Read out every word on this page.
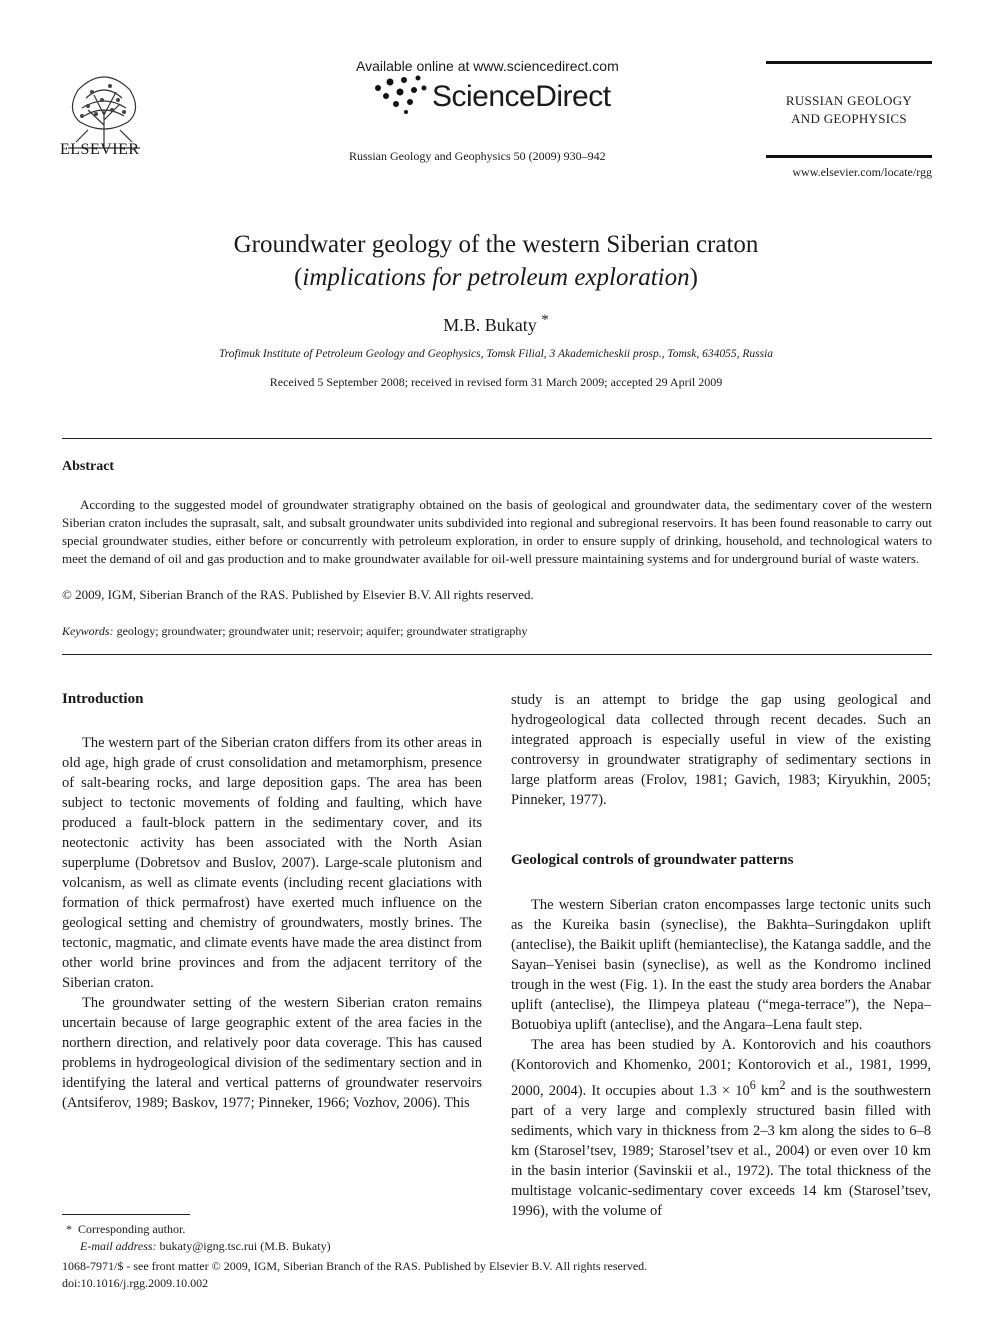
ELSEVIER
Available online at www.sciencedirect.com
ScienceDirect
Russian Geology and Geophysics 50 (2009) 930–942
RUSSIAN GEOLOGY
AND GEOPHYSICS
www.elsevier.com/locate/rgg
Groundwater geology of the western Siberian craton
(implications for petroleum exploration)
M.B. Bukaty *
Trofimuk Institute of Petroleum Geology and Geophysics, Tomsk Filial, 3 Akademicheskii prosp., Tomsk, 634055, Russia
Received 5 September 2008; received in revised form 31 March 2009; accepted 29 April 2009
Abstract
According to the suggested model of groundwater stratigraphy obtained on the basis of geological and groundwater data, the sedimentary cover of the western Siberian craton includes the suprasalt, salt, and subsalt groundwater units subdivided into regional and subregional reservoirs. It has been found reasonable to carry out special groundwater studies, either before or concurrently with petroleum exploration, in order to ensure supply of drinking, household, and technological waters to meet the demand of oil and gas production and to make groundwater available for oil-well pressure maintaining systems and for underground burial of waste waters.
© 2009, IGM, Siberian Branch of the RAS. Published by Elsevier B.V. All rights reserved.
Keywords: geology; groundwater; groundwater unit; reservoir; aquifer; groundwater stratigraphy
Introduction

The western part of the Siberian craton differs from its other areas in old age, high grade of crust consolidation and metamorphism, presence of salt-bearing rocks, and large deposition gaps. The area has been subject to tectonic movements of folding and faulting, which have produced a fault-block pattern in the sedimentary cover, and its neotectonic activity has been associated with the North Asian superplume (Dobretsov and Buslov, 2007). Large-scale plutonism and volcanism, as well as climate events (including recent glaciations with formation of thick permafrost) have exerted much influence on the geological setting and chemistry of groundwaters, mostly brines. The tectonic, magmatic, and climate events have made the area distinct from other world brine provinces and from the adjacent territory of the Siberian craton.

The groundwater setting of the western Siberian craton remains uncertain because of large geographic extent of the area facies in the northern direction, and relatively poor data coverage. This has caused problems in hydrogeological division of the sedimentary section and in identifying the lateral and vertical patterns of groundwater reservoirs (Antsiferov, 1989; Baskov, 1977; Pinneker, 1966; Vozhov, 2006). This

study is an attempt to bridge the gap using geological and hydrogeological data collected through recent decades. Such an integrated approach is especially useful in view of the existing controversy in groundwater stratigraphy of sedimentary sections in large platform areas (Frolov, 1981; Gavich, 1983; Kiryukhin, 2005; Pinneker, 1977).

Geological controls of groundwater patterns

The western Siberian craton encompasses large tectonic units such as the Kureika basin (syneclise), the Bakhta–Suringdakon uplift (anteclise), the Baikit uplift (hemianteclise), the Katanga saddle, and the Sayan–Yenisei basin (syneclise), as well as the Kondromo inclined trough in the west (Fig. 1). In the east the study area borders the Anabar uplift (anteclise), the Ilimpeya plateau (“mega-terrace”), the Nepa–Botuobiya uplift (anteclise), and the Angara–Lena fault step.

The area has been studied by A. Kontorovich and his coauthors (Kontorovich and Khomenko, 2001; Kontorovich et al., 1981, 1999, 2000, 2004). It occupies about $1.3 \times 10^6$ $km^2$ and is the southwestern part of a very large and complexly structured basin filled with sediments, which vary in thickness from 2–3 km along the sides to 6–8 km (Starosel’tsev, 1989; Starosel’tsev et al., 2004) or even over 10 km in the basin interior (Savinskii et al., 1972). The total thickness of the multistage volcanic-sedimentary cover exceeds 14 km (Starosel’tsev, 1996), with the volume of

* Corresponding author.
E-mail address: bukaty@igng.tsc.rui (M.B. Bukaty)
1068-7971/$ - see front matter © 2009, IGM, Siberian Branch of the RAS. Published by Elsevier B.V. All rights reserved.
doi:10.1016/j.rgg.2009.10.002
